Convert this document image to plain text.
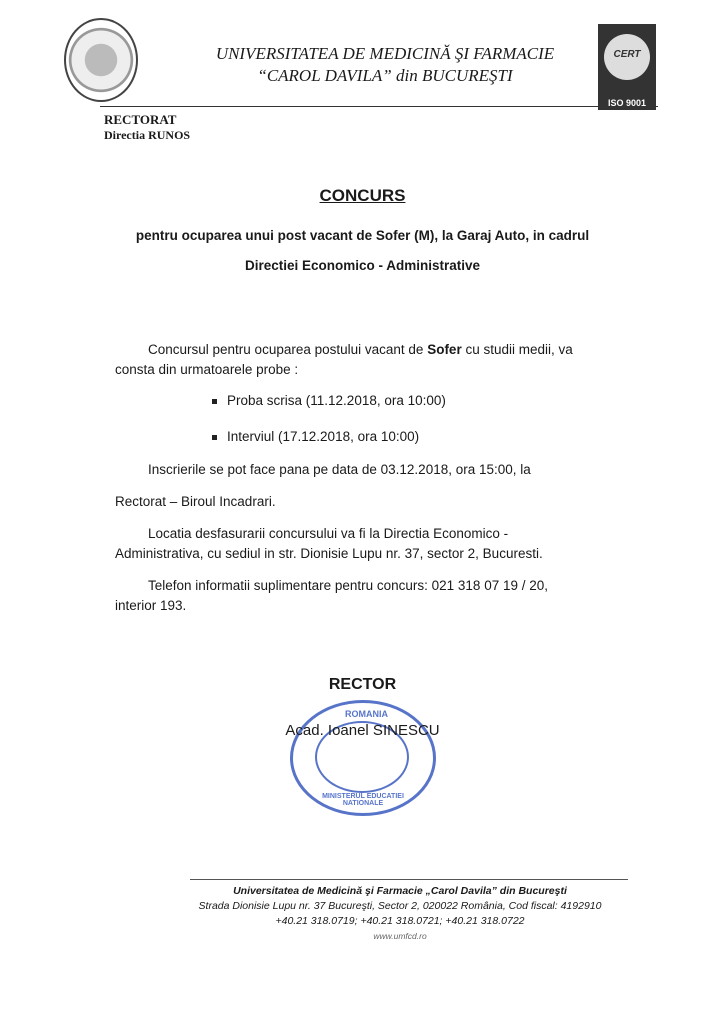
UNIVERSITATEA DE MEDICINĂ ŞI FARMACIE
“CAROL DAVILA” din BUCUREŞTI
CERT
ISO 9001
RECTORAT
Directia RUNOS
CONCURS
pentru ocuparea unui post vacant de Sofer (M), la Garaj Auto, in cadrul
Directiei Economico - Administrative
Concursul pentru ocuparea postului vacant de Sofer cu studii medii, va
consta din urmatoarele probe :
Proba scrisa (11.12.2018, ora 10:00)
Interviul (17.12.2018, ora 10:00)
Inscrierile se pot face pana pe data de 03.12.2018, ora 15:00, la
Rectorat – Biroul Incadrari.
Locatia desfasurarii concursului va fi la Directia Economico -
Administrativa, cu sediul in str. Dionisie Lupu nr. 37, sector 2, Bucuresti.
Telefon informatii suplimentare pentru concurs: 021 318 07 19 / 20,
interior 193.
RECTOR
ROMANIA
MINISTERUL EDUCATIEI NATIONALE
Acad. Ioanel SINESCU
Universitatea de Medicină şi Farmacie „Carol Davila” din Bucureşti
Strada Dionisie Lupu nr. 37 Bucureşti, Sector 2, 020022 România, Cod fiscal: 4192910
+40.21 318.0719; +40.21 318.0721; +40.21 318.0722
www.umfcd.ro
